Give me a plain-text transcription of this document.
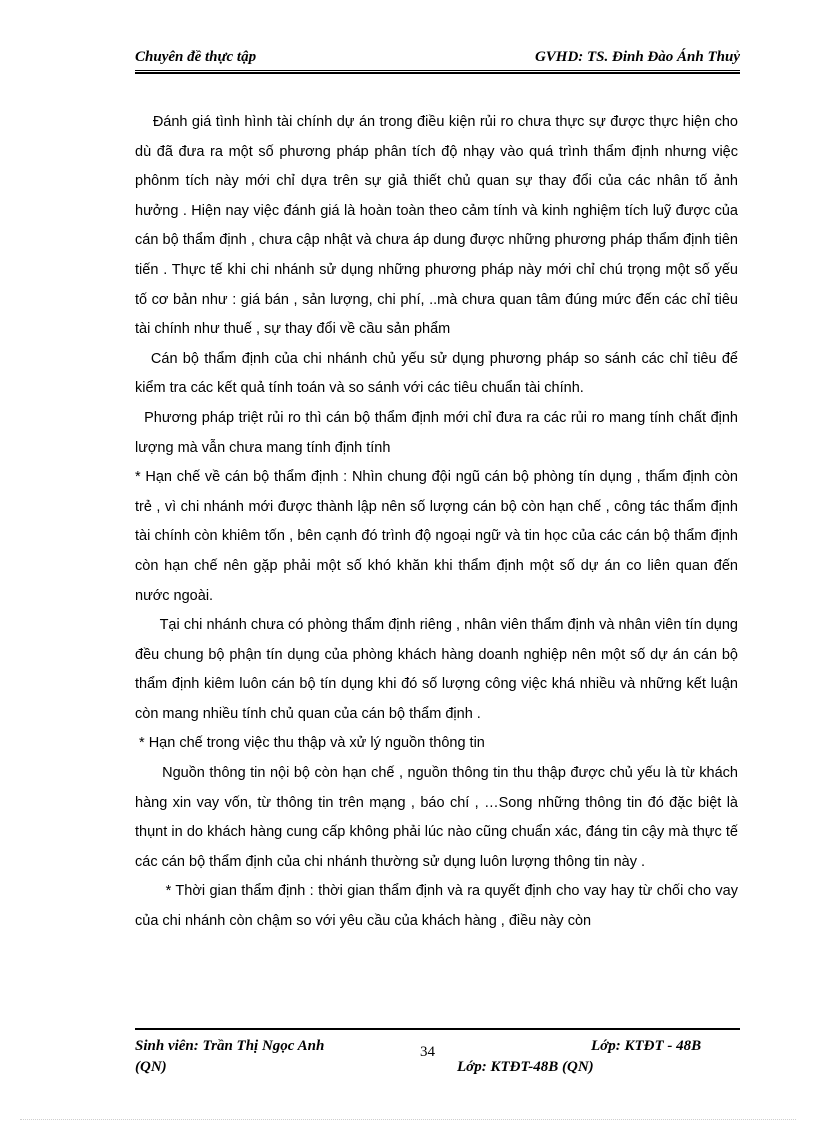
Chuyên đề thực tập	GVHD: TS. Đinh Đào Ánh Thuỷ

Đánh giá tình hình tài chính dự án trong điều kiện rủi ro chưa thực sự được thực hiện cho dù đã đưa ra một số phương pháp phân tích độ nhạy vào quá trình thẩm định nhưng việc phônm tích này mới chỉ dựa trên sự giả thiết chủ quan sự thay đổi của các nhân tố ảnh hưởng . Hiện nay việc đánh giá là hoàn toàn theo cảm tính và kinh nghiệm tích luỹ được của cán bộ thẩm định , chưa cập nhật và chưa áp dung được những phương pháp thẩm định tiên tiến . Thực tế khi chi nhánh sử dụng những phương pháp này mới chỉ chú trọng một số yếu tố cơ bản như : giá bán , sản lượng, chi phí, ..mà chưa quan tâm đúng mức đến các chỉ tiêu tài chính như thuế , sự thay đổi về cầu sản phẩm

Cán bộ thẩm định của chi nhánh chủ yếu sử dụng phương pháp so sánh các chỉ tiêu để kiểm tra các kết quả tính toán và so sánh với các tiêu chuẩn tài chính.

Phương pháp triệt rủi ro thì cán bộ thẩm định mới chỉ đưa ra các rủi ro mang tính chất định lượng mà vẫn chưa mang tính định tính

* Hạn chế về cán bộ thẩm định : Nhìn chung đội ngũ cán bộ phòng tín dụng , thẩm định còn trẻ , vì chi nhánh mới được thành lập nên số lượng cán bộ còn hạn chế , công tác thẩm định tài chính còn khiêm tốn , bên cạnh đó trình độ ngoại ngữ và tin học của các cán bộ thẩm định còn hạn chế nên gặp phải một số khó khăn khi thẩm định một số dự án co liên quan đến nước ngoài.

Tại chi nhánh chưa có phòng thẩm định riêng , nhân viên thẩm định và nhân viên tín dụng đều chung bộ phận tín dụng của phòng khách hàng doanh nghiệp nên một số dự án cán bộ thẩm định kiêm luôn cán bộ tín dụng khi đó số lượng công việc khá nhiều và những kết luận còn mang nhiều tính chủ quan của cán bộ thẩm định .

* Hạn chế trong việc thu thập và xử lý nguồn thông tin

Nguồn thông tin nội bộ còn hạn chế , nguồn thông tin thu thập được chủ yếu là từ khách hàng xin vay vốn, từ thông tin trên mạng , báo chí , …Song những thông tin đó đặc biệt là thụnt in do khách hàng cung cấp không phải lúc nào cũng chuẩn xác, đáng tin cậy mà thực tế các cán bộ thẩm định của chi nhánh thường sử dụng luôn lượng thông tin này .

* Thời gian thẩm định : thời gian thẩm định và ra quyết định cho vay hay từ chối cho vay của chi nhánh còn chậm so với yêu cầu của khách hàng , điều này còn

Sinh viên: Trần Thị Ngọc Anh	34	Lớp: KTĐT - 48B
(QN)	Lớp: KTĐT-48B (QN)
